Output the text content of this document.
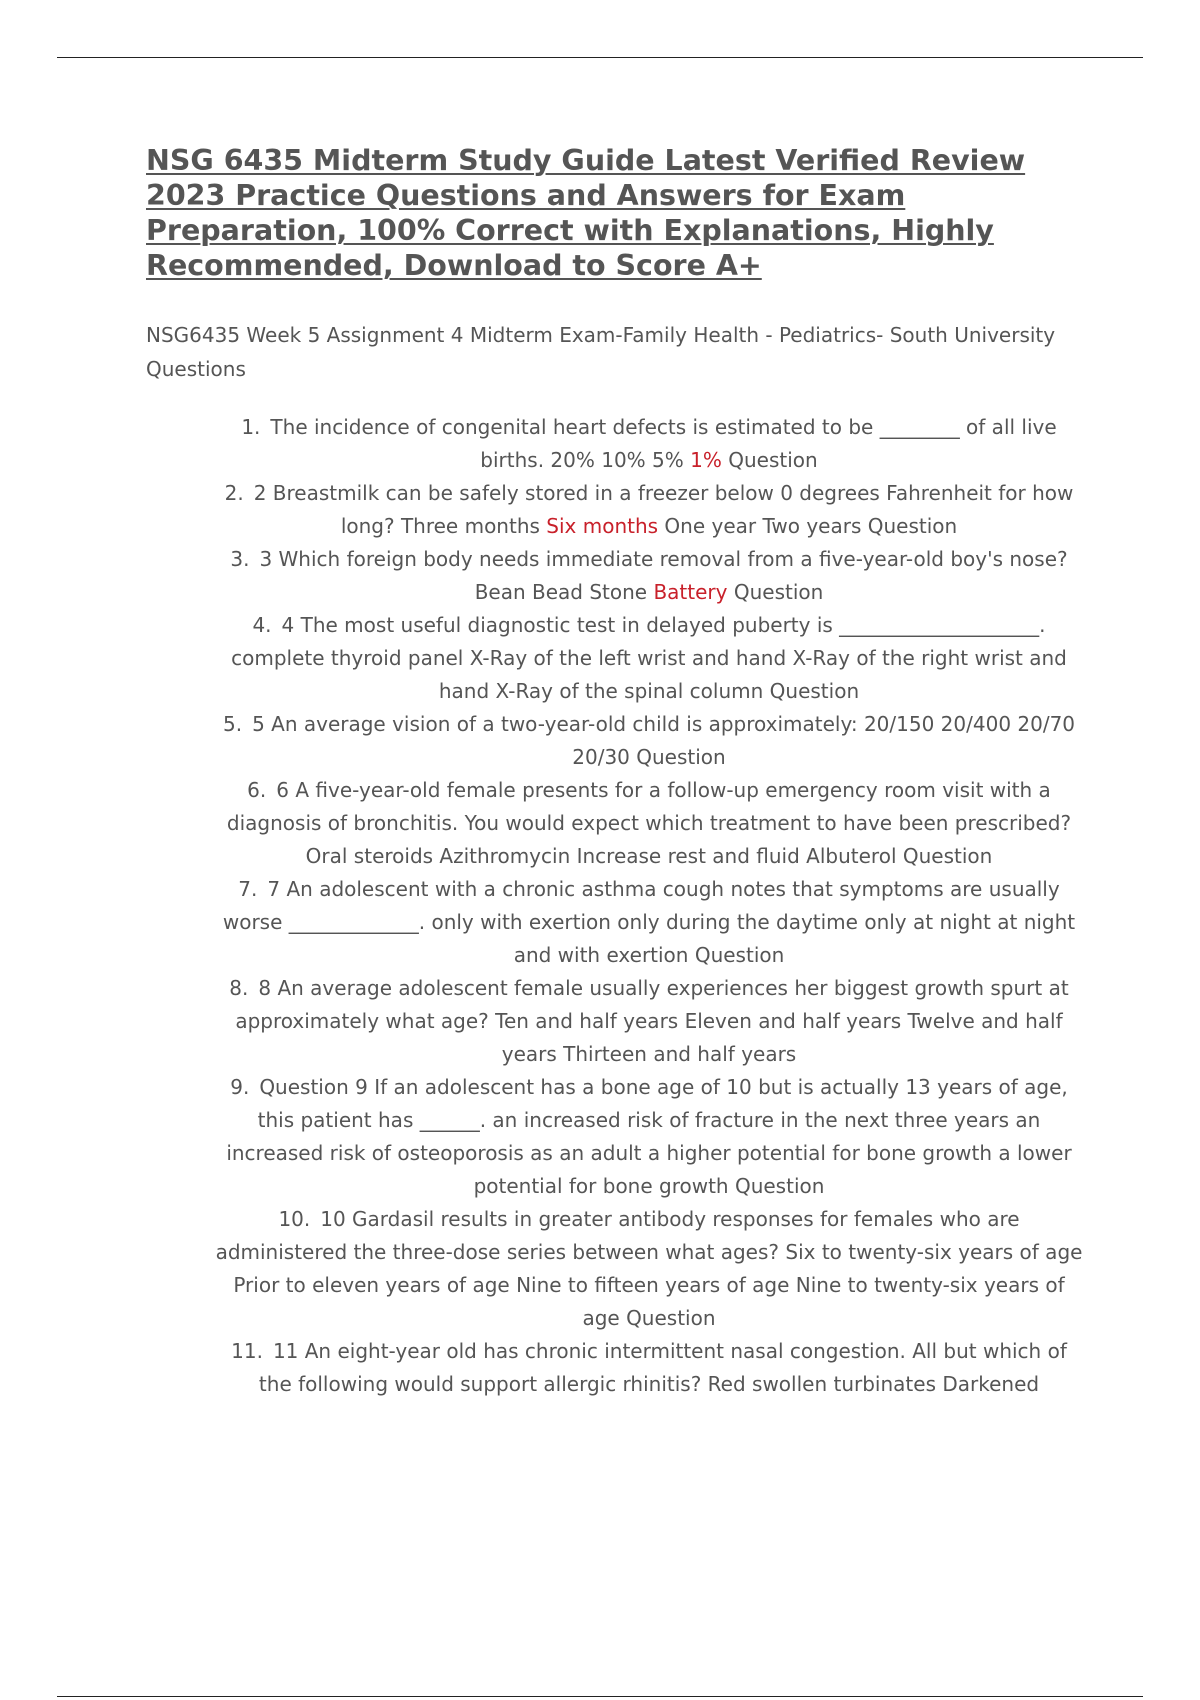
NSG 6435 Midterm Study Guide Latest Verified Review 2023 Practice Questions and Answers for Exam Preparation, 100% Correct with Explanations, Highly Recommended, Download to Score A+

NSG6435 Week 5 Assignment 4 Midterm Exam-Family Health - Pediatrics- South University Questions

1. The incidence of congenital heart defects is estimated to be ________ of all live births. 20% 10% 5% 1% Question
2. 2 Breastmilk can be safely stored in a freezer below 0 degrees Fahrenheit for how long? Three months Six months One year Two years Question
3. 3 Which foreign body needs immediate removal from a five-year-old boy's nose? Bean Bead Stone Battery Question
4. 4 The most useful diagnostic test in delayed puberty is ____________________. complete thyroid panel X-Ray of the left wrist and hand X-Ray of the right wrist and hand X-Ray of the spinal column Question
5. 5 An average vision of a two-year-old child is approximately: 20/150 20/400 20/70 20/30 Question
6. 6 A five-year-old female presents for a follow-up emergency room visit with a diagnosis of bronchitis. You would expect which treatment to have been prescribed? Oral steroids Azithromycin Increase rest and fluid Albuterol Question
7. 7 An adolescent with a chronic asthma cough notes that symptoms are usually worse _____________. only with exertion only during the daytime only at night at night and with exertion Question
8. 8 An average adolescent female usually experiences her biggest growth spurt at approximately what age? Ten and half years Eleven and half years Twelve and half years Thirteen and half years
9. Question 9 If an adolescent has a bone age of 10 but is actually 13 years of age, this patient has ______. an increased risk of fracture in the next three years an increased risk of osteoporosis as an adult a higher potential for bone growth a lower potential for bone growth Question
10. 10 Gardasil results in greater antibody responses for females who are administered the three-dose series between what ages? Six to twenty-six years of age Prior to eleven years of age Nine to fifteen years of age Nine to twenty-six years of age Question
11. 11 An eight-year old has chronic intermittent nasal congestion. All but which of the following would support allergic rhinitis? Red swollen turbinates Darkened
